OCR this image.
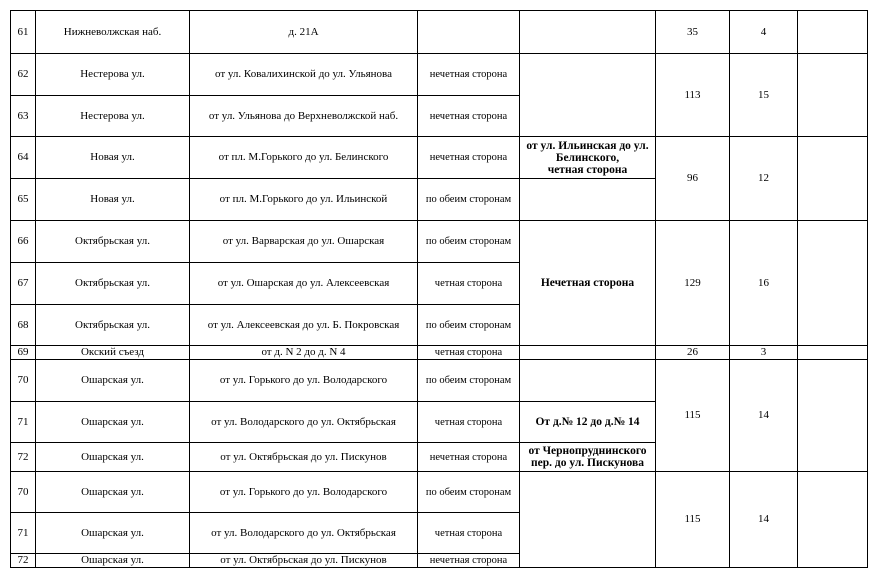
61	Нижневолжская наб.	д. 21А			35	4	
62	Нестерова ул.	от ул. Ковалихинской до ул. Ульянова	нечетная сторона		113	15	
63	Нестерова ул.	от ул. Ульянова до Верхневолжской наб.	нечетная сторона				
64	Новая ул.	от пл. М.Горького до ул. Белинского	нечетная сторона	от ул. Ильинская до ул.
Белинского,
четная сторона	96	12	
65	Новая ул.	от пл. М.Горького до ул. Ильинской	по обеим сторонам				
66	Октябрьская ул.	от ул. Варварская до ул. Ошарская	по обеим сторонам	Нечетная сторона	129	16	
67	Октябрьская ул.	от ул. Ошарская до ул. Алексеевская	четная сторона				
68	Октябрьская ул.	от ул. Алексеевская до ул. Б. Покровская	по обеим сторонам				
69	Окский съезд	от д. N 2 до д. N 4	четная сторона		26	3	
70	Ошарская ул.	от ул. Горького до ул. Володарского	по обеим сторонам		115	14	
71	Ошарская ул.	от ул. Володарского до ул. Октябрьская	четная сторона	От д.№ 12 до д.№ 14			
72	Ошарская ул.	от ул. Октябрьская до ул. Пискунов	нечетная сторона	от Чернопруднинского
пер. до ул. Пискунова			

70	Ошарская ул.	от ул. Горького до ул. Володарского	по обеим сторонам		115	14	
71	Ошарская ул.	от ул. Володарского до ул. Октябрьская	четная сторона				
72	Ошарская ул.	от ул. Октябрьская до ул. Пискунов	нечетная сторона				
